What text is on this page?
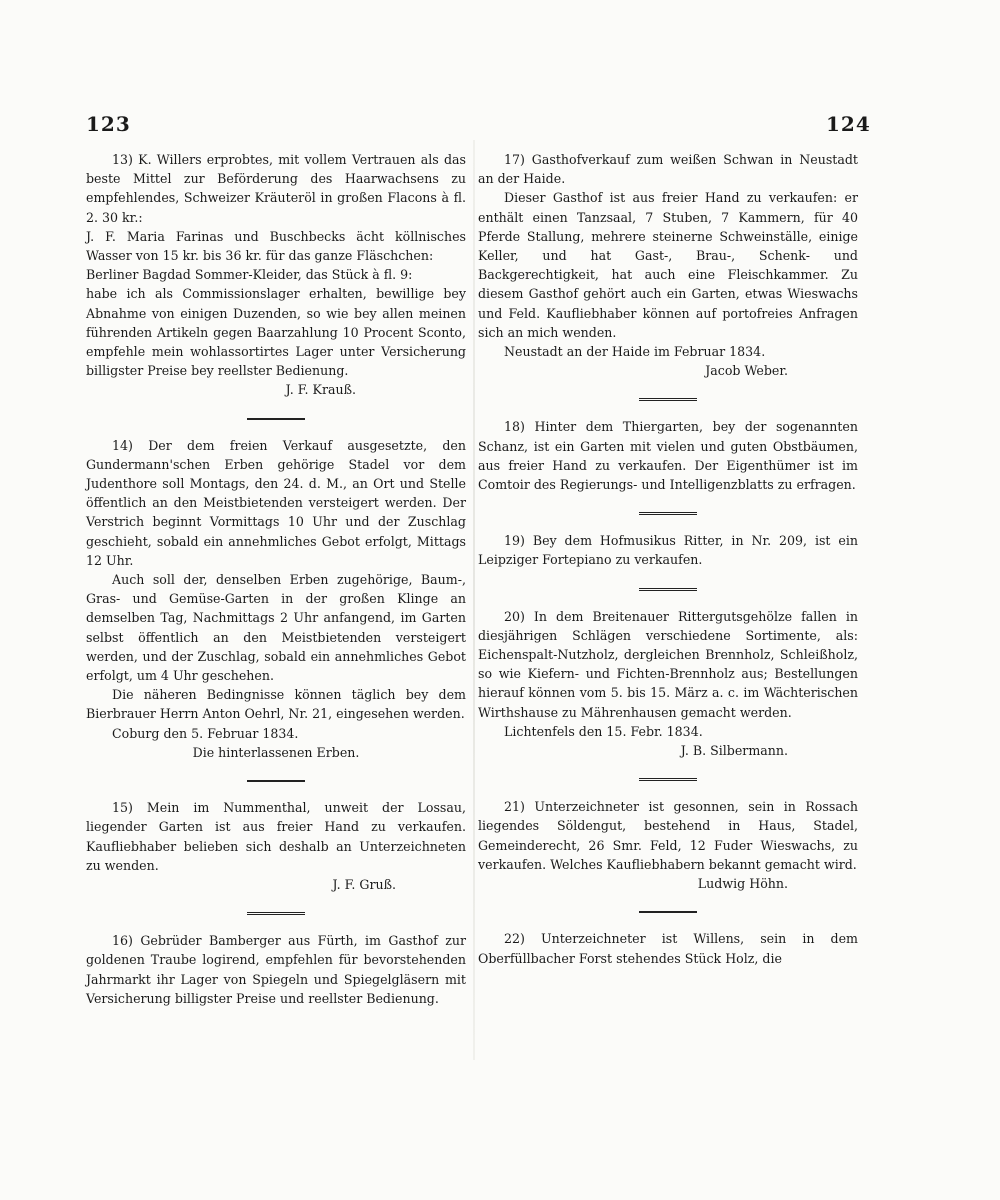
123	124

13) K. Willers erprobtes, mit vollem Vertrauen als das beste Mittel zur Beförderung des Haarwachsens zu empfehlendes, Schweizer Kräuteröl in großen Flacons à fl. 2. 30 kr.:

J. F. Maria Farinas und Buschbecks ächt köllnisches Wasser von 15 kr. bis 36 kr. für das ganze Fläschchen:

Berliner Bagdad Sommer-Kleider, das Stück à fl. 9:

habe ich als Commissionslager erhalten, bewillige bey Abnahme von einigen Duzenden, so wie bey allen meinen führenden Artikeln gegen Baarzahlung 10 Procent Sconto, empfehle mein wohlassortirtes Lager unter Versicherung billigster Preise bey reellster Bedienung.

J. F. Krauß.

14) Der dem freien Verkauf ausgesetzte, den Gundermann'schen Erben gehörige Stadel vor dem Judenthore soll Montags, den 24. d. M., an Ort und Stelle öffentlich an den Meistbietenden versteigert werden. Der Verstrich beginnt Vormittags 10 Uhr und der Zuschlag geschieht, sobald ein annehmliches Gebot erfolgt, Mittags 12 Uhr.

Auch soll der, denselben Erben zugehörige, Baum-, Gras- und Gemüse-Garten in der großen Klinge an demselben Tag, Nachmittags 2 Uhr anfangend, im Garten selbst öffentlich an den Meistbietenden versteigert werden, und der Zuschlag, sobald ein annehmliches Gebot erfolgt, um 4 Uhr geschehen.

Die näheren Bedingnisse können täglich bey dem Bierbrauer Herrn Anton Oehrl, Nr. 21, eingesehen werden.

Coburg den 5. Februar 1834.

Die hinterlassenen Erben.

15) Mein im Nummenthal, unweit der Lossau, liegender Garten ist aus freier Hand zu verkaufen. Kaufliebhaber belieben sich deshalb an Unterzeichneten zu wenden.

J. F. Gruß.

16) Gebrüder Bamberger aus Fürth, im Gasthof zur goldenen Traube logirend, empfehlen für bevorstehenden Jahrmarkt ihr Lager von Spiegeln und Spiegelgläsern mit Versicherung billigster Preise und reellster Bedienung.

17) Gasthofverkauf zum weißen Schwan in Neustadt an der Haide.

Dieser Gasthof ist aus freier Hand zu verkaufen: er enthält einen Tanzsaal, 7 Stuben, 7 Kammern, für 40 Pferde Stallung, mehrere steinerne Schweinställe, einige Keller, und hat Gast-, Brau-, Schenk- und Backgerechtigkeit, hat auch eine Fleischkammer. Zu diesem Gasthof gehört auch ein Garten, etwas Wieswachs und Feld. Kaufliebhaber können auf portofreies Anfragen sich an mich wenden.

Neustadt an der Haide im Februar 1834.

Jacob Weber.

18) Hinter dem Thiergarten, bey der sogenannten Schanz, ist ein Garten mit vielen und guten Obstbäumen, aus freier Hand zu verkaufen. Der Eigenthümer ist im Comtoir des Regierungs- und Intelligenzblatts zu erfragen.

19) Bey dem Hofmusikus Ritter, in Nr. 209, ist ein Leipziger Fortepiano zu verkaufen.

20) In dem Breitenauer Rittergutsgehölze fallen in diesjährigen Schlägen verschiedene Sortimente, als: Eichenspalt-Nutzholz, dergleichen Brennholz, Schleißholz, so wie Kiefern- und Fichten-Brennholz aus; Bestellungen hierauf können vom 5. bis 15. März a. c. im Wächterischen Wirthshause zu Mährenhausen gemacht werden.

Lichtenfels den 15. Febr. 1834.

J. B. Silbermann.

21) Unterzeichneter ist gesonnen, sein in Rossach liegendes Söldengut, bestehend in Haus, Stadel, Gemeinderecht, 26 Smr. Feld, 12 Fuder Wieswachs, zu verkaufen. Welches Kaufliebhabern bekannt gemacht wird.

Ludwig Höhn.

22) Unterzeichneter ist Willens, sein in dem Oberfüllbacher Forst stehendes Stück Holz, die
